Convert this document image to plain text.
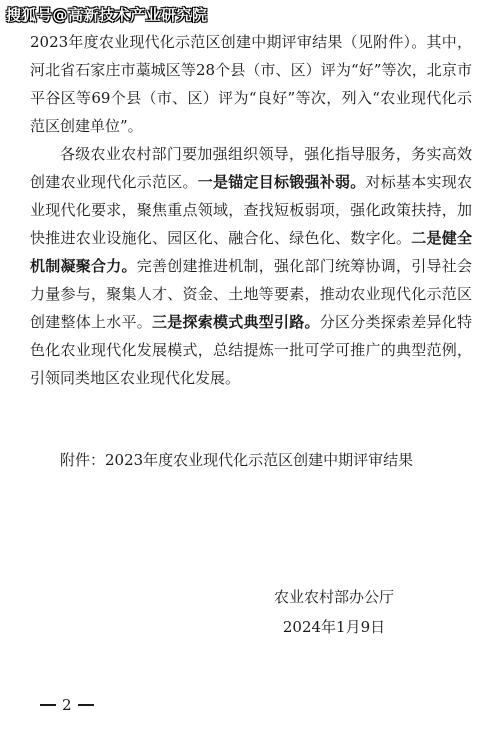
搜狐号@高新技术产业研究院

2023年度农业现代化示范区创建中期评审结果（见附件）。其中，河北省石家庄市藁城区等28个县（市、区）评为“好”等次，北京市平谷区等69个县（市、区）评为“良好”等次，列入“农业现代化示范区创建单位”。

各级农业农村部门要加强组织领导，强化指导服务，务实高效创建农业现代化示范区。一是锚定目标锻强补弱。对标基本实现农业现代化要求，聚焦重点领域，查找短板弱项，强化政策扶持，加快推进农业设施化、园区化、融合化、绿色化、数字化。二是健全机制凝聚合力。完善创建推进机制，强化部门统筹协调，引导社会力量参与，聚集人才、资金、土地等要素，推动农业现代化示范区创建整体上水平。三是探索模式典型引路。分区分类探索差异化特色化农业现代化发展模式，总结提炼一批可学可推广的典型范例，引领同类地区农业现代化发展。

附件：2023年度农业现代化示范区创建中期评审结果
农业农村部办公厅
2024年1月9日
2
